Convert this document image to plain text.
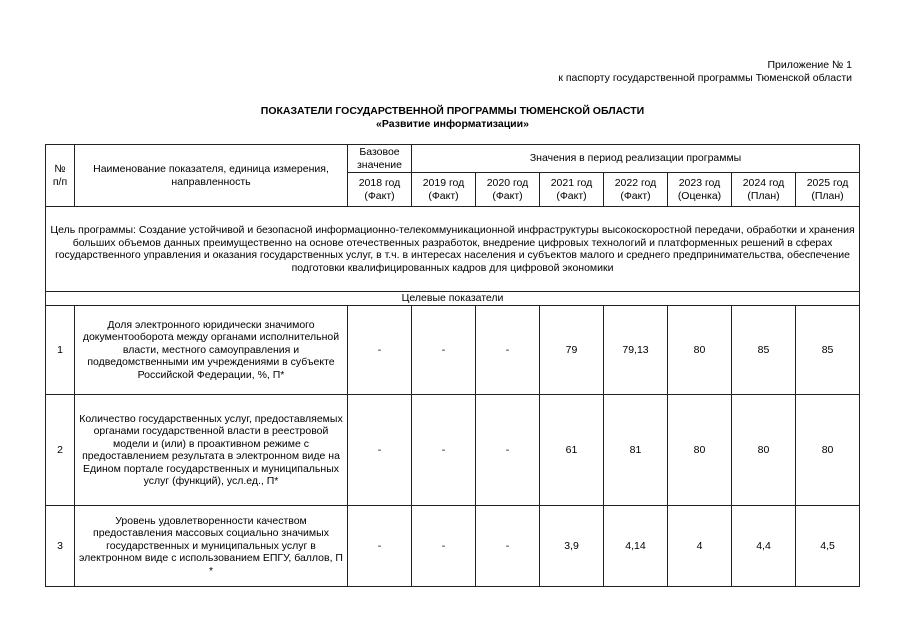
Приложение № 1
к паспорту государственной программы Тюменской области
ПОКАЗАТЕЛИ ГОСУДАРСТВЕННОЙ ПРОГРАММЫ ТЮМЕНСКОЙ ОБЛАСТИ
«Развитие информатизации»
№ п/п	Наименование показателя, единица измерения, направленность	Базовое значение	Значения в период реализации программы						
		2018 год (Факт)	2019 год (Факт)	2020 год (Факт)	2021 год (Факт)	2022 год (Факт)	2023 год (Оценка)	2024 год (План)	2025 год (План)
Цель программы: Создание устойчивой и безопасной информационно-телекоммуникационной инфраструктуры высокоскоростной передачи, обработки и хранения больших объемов данных преимущественно на основе отечественных разработок, внедрение цифровых технологий и платформенных решений в сферах государственного управления и оказания государственных услуг, в т.ч. в интересах населения и субъектов малого и среднего предпринимательства, обеспечение подготовки квалифицированных кадров для цифровой экономики									
Целевые показатели									
1	Доля электронного юридически значимого документооборота между органами исполнительной власти, местного самоуправления и подведомственными им учреждениями в субъекте Российской Федерации, %, П*	-	-	-	79	79,13	80	85	85
2	Количество государственных услуг, предоставляемых органами государственной власти в реестровой модели и (или) в проактивном режиме с предоставлением результата в электронном виде на Едином портале государственных и муниципальных услуг (функций), усл.ед., П*	-	-	-	61	81	80	80	80
3	Уровень удовлетворенности качеством предоставления массовых социально значимых государственных и муниципальных услуг в электронном виде с использованием ЕПГУ, баллов, П *	-	-	-	3,9	4,14	4	4,4	4,5
